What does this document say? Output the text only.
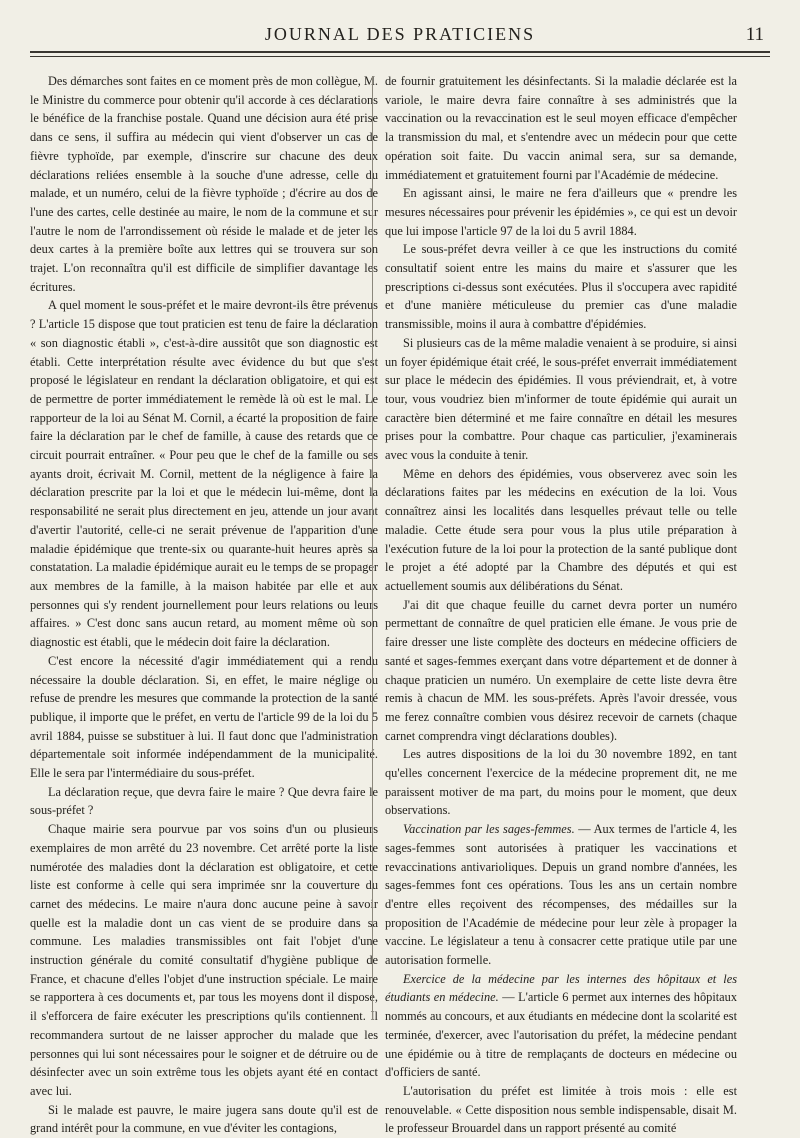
JOURNAL DES PRATICIENS	11

Des démarches sont faites en ce moment près de mon collègue, M. le Ministre du commerce pour obtenir qu'il accorde à ces déclarations le bénéfice de la franchise postale. Quand une décision aura été prise dans ce sens, il suffira au médecin qui vient d'observer un cas de fièvre typhoïde, par exemple, d'inscrire sur chacune des deux déclarations reliées ensemble à la souche d'une adresse, celle du malade, et un numéro, celui de la fièvre typhoïde ; d'écrire au dos de l'une des cartes, celle destinée au maire, le nom de la commune et sur l'autre le nom de l'arrondissement où réside le malade et de jeter les deux cartes à la première boîte aux lettres qui se trouvera sur son trajet. L'on reconnaîtra qu'il est difficile de simplifier davantage les écritures.

A quel moment le sous-préfet et le maire devront-ils être prévenus ? L'article 15 dispose que tout praticien est tenu de faire la déclaration « son diagnostic établi », c'est-à-dire aussitôt que son diagnostic est établi. Cette interprétation résulte avec évidence du but que s'est proposé le législateur en rendant la déclaration obligatoire, et qui est de permettre de porter immédiatement le remède là où est le mal. Le rapporteur de la loi au Sénat M. Cornil, a écarté la proposition de faire faire la déclaration par le chef de famille, à cause des retards que ce circuit pourrait entraîner. « Pour peu que le chef de la famille ou ses ayants droit, écrivait M. Cornil, mettent de la négligence à faire la déclaration prescrite par la loi et que le médecin lui-même, dont la responsabilité ne serait plus directement en jeu, attende un jour avant d'avertir l'autorité, celle-ci ne serait prévenue de l'apparition d'une maladie épidémique que trente-six ou quarante-huit heures après sa constatation. La maladie épidémique aurait eu le temps de se propager aux membres de la famille, à la maison habitée par elle et aux personnes qui s'y rendent journellement pour leurs relations ou leurs affaires. » C'est donc sans aucun retard, au moment même où son diagnostic est établi, que le médecin doit faire la déclaration.

C'est encore la nécessité d'agir immédiatement qui a rendu nécessaire la double déclaration. Si, en effet, le maire néglige ou refuse de prendre les mesures que commande la protection de la santé publique, il importe que le préfet, en vertu de l'article 99 de la loi du 5 avril 1884, puisse se substituer à lui. Il faut donc que l'administration départementale soit informée indépendamment de la municipalité. Elle le sera par l'intermédiaire du sous-préfet.

La déclaration reçue, que devra faire le maire ? Que devra faire le sous-préfet ?

Chaque mairie sera pourvue par vos soins d'un ou plusieurs exemplaires de mon arrêté du 23 novembre. Cet arrêté porte la liste numérotée des maladies dont la déclaration est obligatoire, et cette liste est conforme à celle qui sera imprimée snr la couverture du carnet des médecins. Le maire n'aura donc aucune peine à savoir quelle est la maladie dont un cas vient de se produire dans sa commune. Les maladies transmissibles ont fait l'objet d'une instruction générale du comité consultatif d'hygiène publique de France, et chacune d'elles l'objet d'une instruction spéciale. Le maire se rapportera à ces documents et, par tous les moyens dont il dispose, il s'efforcera de faire exécuter les prescriptions qu'ils contiennent. Il recommandera surtout de ne laisser approcher du malade que les personnes qui lui sont nécessaires pour le soigner et de détruire ou de désinfecter avec un soin extrême tous les objets ayant été en contact avec lui.

Si le malade est pauvre, le maire jugera sans doute qu'il est de grand intérêt pour la commune, en vue d'éviter les contagions,

de fournir gratuitement les désinfectants. Si la maladie déclarée est la variole, le maire devra faire connaître à ses administrés que la vaccination ou la revaccination est le seul moyen efficace d'empêcher la transmission du mal, et s'entendre avec un médecin pour que cette opération soit faite. Du vaccin animal sera, sur sa demande, immédiatement et gratuitement fourni par l'Académie de médecine.

En agissant ainsi, le maire ne fera d'ailleurs que « prendre les mesures nécessaires pour prévenir les épidémies », ce qui est un devoir que lui impose l'article 97 de la loi du 5 avril 1884.

Le sous-préfet devra veiller à ce que les instructions du comité consultatif soient entre les mains du maire et s'assurer que les prescriptions ci-dessus sont exécutées. Plus il s'occupera avec rapidité et d'une manière méticuleuse du premier cas d'une maladie transmissible, moins il aura à combattre d'épidémies.

Si plusieurs cas de la même maladie venaient à se produire, si ainsi un foyer épidémique était créé, le sous-préfet enverrait immédiatement sur place le médecin des épidémies. Il vous préviendrait, et, à votre tour, vous voudriez bien m'informer de toute épidémie qui aurait un caractère bien déterminé et me faire connaître en détail les mesures prises pour la combattre. Pour chaque cas particulier, j'examinerais avec vous la conduite à tenir.

Même en dehors des épidémies, vous observerez avec soin les déclarations faites par les médecins en exécution de la loi. Vous connaîtrez ainsi les localités dans lesquelles prévaut telle ou telle maladie. Cette étude sera pour vous la plus utile préparation à l'exécution future de la loi pour la protection de la santé publique dont le projet a été adopté par la Chambre des députés et qui est actuellement soumis aux délibérations du Sénat.

J'ai dit que chaque feuille du carnet devra porter un numéro permettant de connaître de quel praticien elle émane. Je vous prie de faire dresser une liste complète des docteurs en médecine officiers de santé et sages-femmes exerçant dans votre département et de donner à chaque praticien un numéro. Un exemplaire de cette liste devra être remis à chacun de MM. les sous-préfets. Après l'avoir dressée, vous me ferez connaître combien vous désirez recevoir de carnets (chaque carnet comprendra vingt déclarations doubles).

Les autres dispositions de la loi du 30 novembre 1892, en tant qu'elles concernent l'exercice de la médecine proprement dit, ne me paraissent motiver de ma part, du moins pour le moment, que deux observations.

Vaccination par les sages-femmes. — Aux termes de l'article 4, les sages-femmes sont autorisées à pratiquer les vaccinations et revaccinations antivarioliques. Depuis un grand nombre d'années, les sages-femmes font ces opérations. Tous les ans un certain nombre d'entre elles reçoivent des récompenses, des médailles sur la proposition de l'Académie de médecine pour leur zèle à propager la vaccine. Le législateur a tenu à consacrer cette pratique utile par une autorisation formelle.

Exercice de la médecine par les internes des hôpitaux et les étudiants en médecine. — L'article 6 permet aux internes des hôpitaux nommés au concours, et aux étudiants en médecine dont la scolarité est terminée, d'exercer, avec l'autorisation du préfet, la médecine pendant une épidémie ou à titre de remplaçants de docteurs en médecine ou d'officiers de santé.

L'autorisation du préfet est limitée à trois mois : elle est renouvelable. « Cette disposition nous semble indispensable, disait M. le professeur Brouardel dans un rapport présenté au comité
